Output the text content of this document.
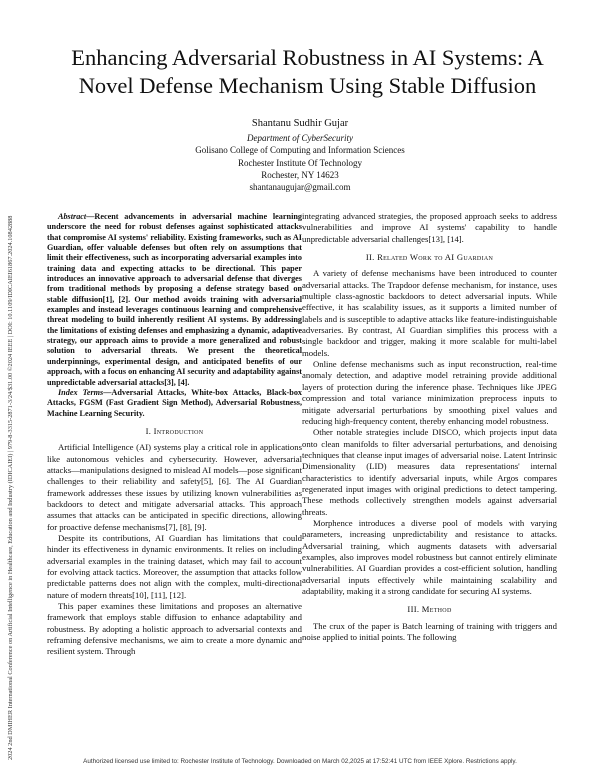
2024 2nd DMIHER International Conference on Artificial Intelligence in Healthcare, Education and Industry (IDICAIEI) | 979-8-3315-2871-3/24/$31.00 ©2024 IEEE | DOI: 10.1109/IDICAIEI61867.2024.10842888
Enhancing Adversarial Robustness in AI Systems: A
Novel Defense Mechanism Using Stable Diffusion
Shantanu Sudhir Gujar
Department of CyberSecurity
Golisano College of Computing and Information Sciences
Rochester Institute Of Technology
Rochester, NY 14623
shantanaugujar@gmail.com

Abstract—Recent advancements in adversarial machine learning underscore the need for robust defenses against sophisticated attacks that compromise AI systems' reliability. Existing frameworks, such as AI Guardian, offer valuable defenses but often rely on assumptions that limit their effectiveness, such as incorporating adversarial examples into training data and expecting attacks to be directional. This paper introduces an innovative approach to adversarial defense that diverges from traditional methods by proposing a defense strategy based on stable diffusion[1], [2]. Our method avoids training with adversarial examples and instead leverages continuous learning and comprehensive threat modeling to build inherently resilient AI systems. By addressing the limitations of existing defenses and emphasizing a dynamic, adaptive strategy, our approach aims to provide a more generalized and robust solution to adversarial threats. We present the theoretical underpinnings, experimental design, and anticipated benefits of our approach, with a focus on enhancing AI security and adaptability against unpredictable adversarial attacks[3], [4].

Index Terms—Adversarial Attacks, White-box Attacks, Black-box Attacks, FGSM (Fast Gradient Sign Method), Adversarial Robustness, Machine Learning Security.

I. Introduction

Artificial Intelligence (AI) systems play a critical role in applications like autonomous vehicles and cybersecurity. However, adversarial attacks—manipulations designed to mislead AI models—pose significant challenges to their reliability and safety[5], [6]. The AI Guardian framework addresses these issues by utilizing known vulnerabilities as backdoors to detect and mitigate adversarial attacks. This approach assumes that attacks can be anticipated in specific directions, allowing for proactive defense mechanisms[7], [8], [9].

Despite its contributions, AI Guardian has limitations that could hinder its effectiveness in dynamic environments. It relies on including adversarial examples in the training dataset, which may fail to account for evolving attack tactics. Moreover, the assumption that attacks follow predictable patterns does not align with the complex, multi-directional nature of modern threats[10], [11], [12].

This paper examines these limitations and proposes an alternative framework that employs stable diffusion to enhance adaptability and robustness. By adopting a holistic approach to adversarial contexts and reframing defensive mechanisms, we aim to create a more dynamic and resilient system. Through

integrating advanced strategies, the proposed approach seeks to address vulnerabilities and improve AI systems' capability to handle unpredictable adversarial challenges[13], [14].

II. Related Work to AI Guardian

A variety of defense mechanisms have been introduced to counter adversarial attacks. The Trapdoor defense mechanism, for instance, uses multiple class-agnostic backdoors to detect adversarial inputs. While effective, it has scalability issues, as it supports a limited number of labels and is susceptible to adaptive attacks like feature-indistinguishable adversaries. By contrast, AI Guardian simplifies this process with a single backdoor and trigger, making it more scalable for multi-label models.

Online defense mechanisms such as input reconstruction, real-time anomaly detection, and adaptive model retraining provide additional layers of protection during the inference phase. Techniques like JPEG compression and total variance minimization preprocess inputs to mitigate adversarial perturbations by smoothing pixel values and reducing high-frequency content, thereby enhancing model robustness.

Other notable strategies include DISCO, which projects input data onto clean manifolds to filter adversarial perturbations, and denoising techniques that cleanse input images of adversarial noise. Latent Intrinsic Dimensionality (LID) measures data representations' internal characteristics to identify adversarial inputs, while Argos compares regenerated input images with original predictions to detect tampering. These methods collectively strengthen models against adversarial threats.

Morphence introduces a diverse pool of models with varying parameters, increasing unpredictability and resistance to attacks. Adversarial training, which augments datasets with adversarial examples, also improves model robustness but cannot entirely eliminate vulnerabilities. AI Guardian provides a cost-efficient solution, handling adversarial inputs effectively while maintaining scalability and adaptability, making it a strong candidate for securing AI systems.

III. Method

The crux of the paper is Batch learning of training with triggers and noise applied to initial points. The following

Authorized licensed use limited to: Rochester Institute of Technology. Downloaded on March 02,2025 at 17:52:41 UTC from IEEE Xplore. Restrictions apply.
